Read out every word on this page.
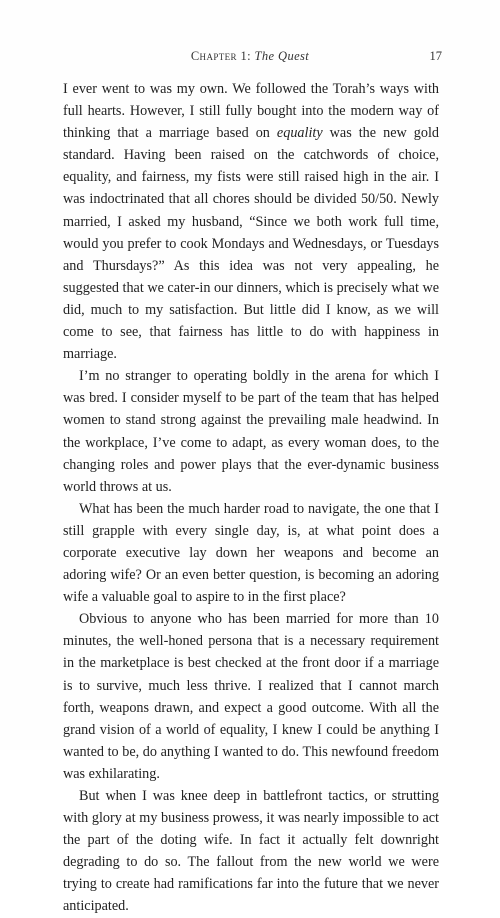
Chapter 1: The Quest	17

I ever went to was my own. We followed the Torah’s ways with full hearts. However, I still fully bought into the modern way of thinking that a marriage based on equality was the new gold standard. Having been raised on the catchwords of choice, equality, and fairness, my fists were still raised high in the air. I was indoctrinated that all chores should be divided 50/50. Newly married, I asked my husband, “Since we both work full time, would you prefer to cook Mondays and Wednesdays, or Tuesdays and Thursdays?” As this idea was not very appealing, he suggested that we cater-in our dinners, which is precisely what we did, much to my satisfaction. But little did I know, as we will come to see, that fairness has little to do with happiness in marriage.

I’m no stranger to operating boldly in the arena for which I was bred. I consider myself to be part of the team that has helped women to stand strong against the prevailing male headwind. In the workplace, I’ve come to adapt, as every woman does, to the changing roles and power plays that the ever-dynamic business world throws at us.

What has been the much harder road to navigate, the one that I still grapple with every single day, is, at what point does a corporate executive lay down her weapons and become an adoring wife? Or an even better question, is becoming an adoring wife a valuable goal to aspire to in the first place?

Obvious to anyone who has been married for more than 10 minutes, the well-honed persona that is a necessary requirement in the marketplace is best checked at the front door if a marriage is to survive, much less thrive. I realized that I cannot march forth, weapons drawn, and expect a good outcome. With all the grand vision of a world of equality, I knew I could be anything I wanted to be, do anything I wanted to do. This newfound freedom was exhilarating.

But when I was knee deep in battlefront tactics, or strutting with glory at my business prowess, it was nearly impossible to act the part of the doting wife. In fact it actually felt downright degrading to do so. The fallout from the new world we were trying to create had ramifications far into the future that we never anticipated.
